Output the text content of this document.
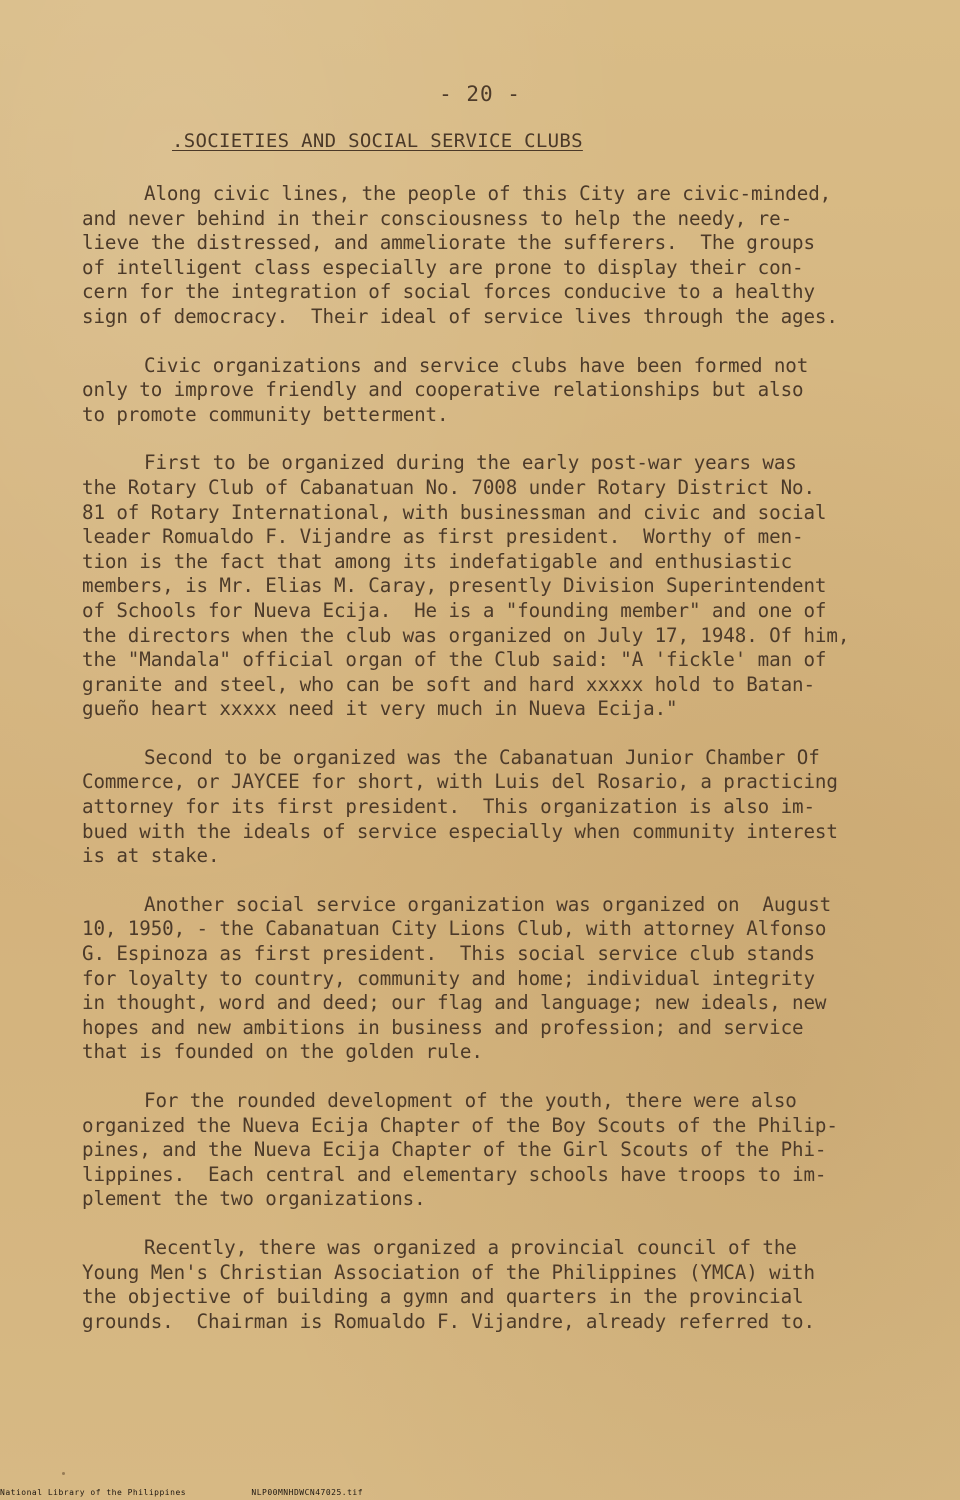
- 20 -
.SOCIETIES AND SOCIAL SERVICE CLUBS

Along civic lines, the people of this City are civic-minded,
and never behind in their consciousness to help the needy, re-
lieve the distressed, and ammeliorate the sufferers.  The groups
of intelligent class especially are prone to display their con-
cern for the integration of social forces conducive to a healthy
sign of democracy.  Their ideal of service lives through the ages.

Civic organizations and service clubs have been formed not
only to improve friendly and cooperative relationships but also
to promote community betterment.

First to be organized during the early post-war years was
the Rotary Club of Cabanatuan No. 7008 under Rotary District No.
81 of Rotary International, with businessman and civic and social
leader Romualdo F. Vijandre as first president.  Worthy of men-
tion is the fact that among its indefatigable and enthusiastic
members, is Mr. Elias M. Caray, presently Division Superintendent
of Schools for Nueva Ecija.  He is a "founding member" and one of
the directors when the club was organized on July 17, 1948. Of him,
the "Mandala" official organ of the Club said: "A 'fickle' man of
granite and steel, who can be soft and hard xxxxx hold to Batan-
gueño heart xxxxx need it very much in Nueva Ecija."

Second to be organized was the Cabanatuan Junior Chamber Of
Commerce, or JAYCEE for short, with Luis del Rosario, a practicing
attorney for its first president.  This organization is also im-
bued with the ideals of service especially when community interest
is at stake.

Another social service organization was organized on  August
10, 1950, - the Cabanatuan City Lions Club, with attorney Alfonso
G. Espinoza as first president.  This social service club stands
for loyalty to country, community and home; individual integrity
in thought, word and deed; our flag and language; new ideals, new
hopes and new ambitions in business and profession; and service
that is founded on the golden rule.

For the rounded development of the youth, there were also
organized the Nueva Ecija Chapter of the Boy Scouts of the Philip-
pines, and the Nueva Ecija Chapter of the Girl Scouts of the Phi-
lippines.  Each central and elementary schools have troops to im-
plement the two organizations.

Recently, there was organized a provincial council of the
Young Men's Christian Association of the Philippines (YMCA) with
the objective of building a gymn and quarters in the provincial
grounds.  Chairman is Romualdo F. Vijandre, already referred to.

National Library of the Philippines	NLP00MNHDWCN47025.tif
